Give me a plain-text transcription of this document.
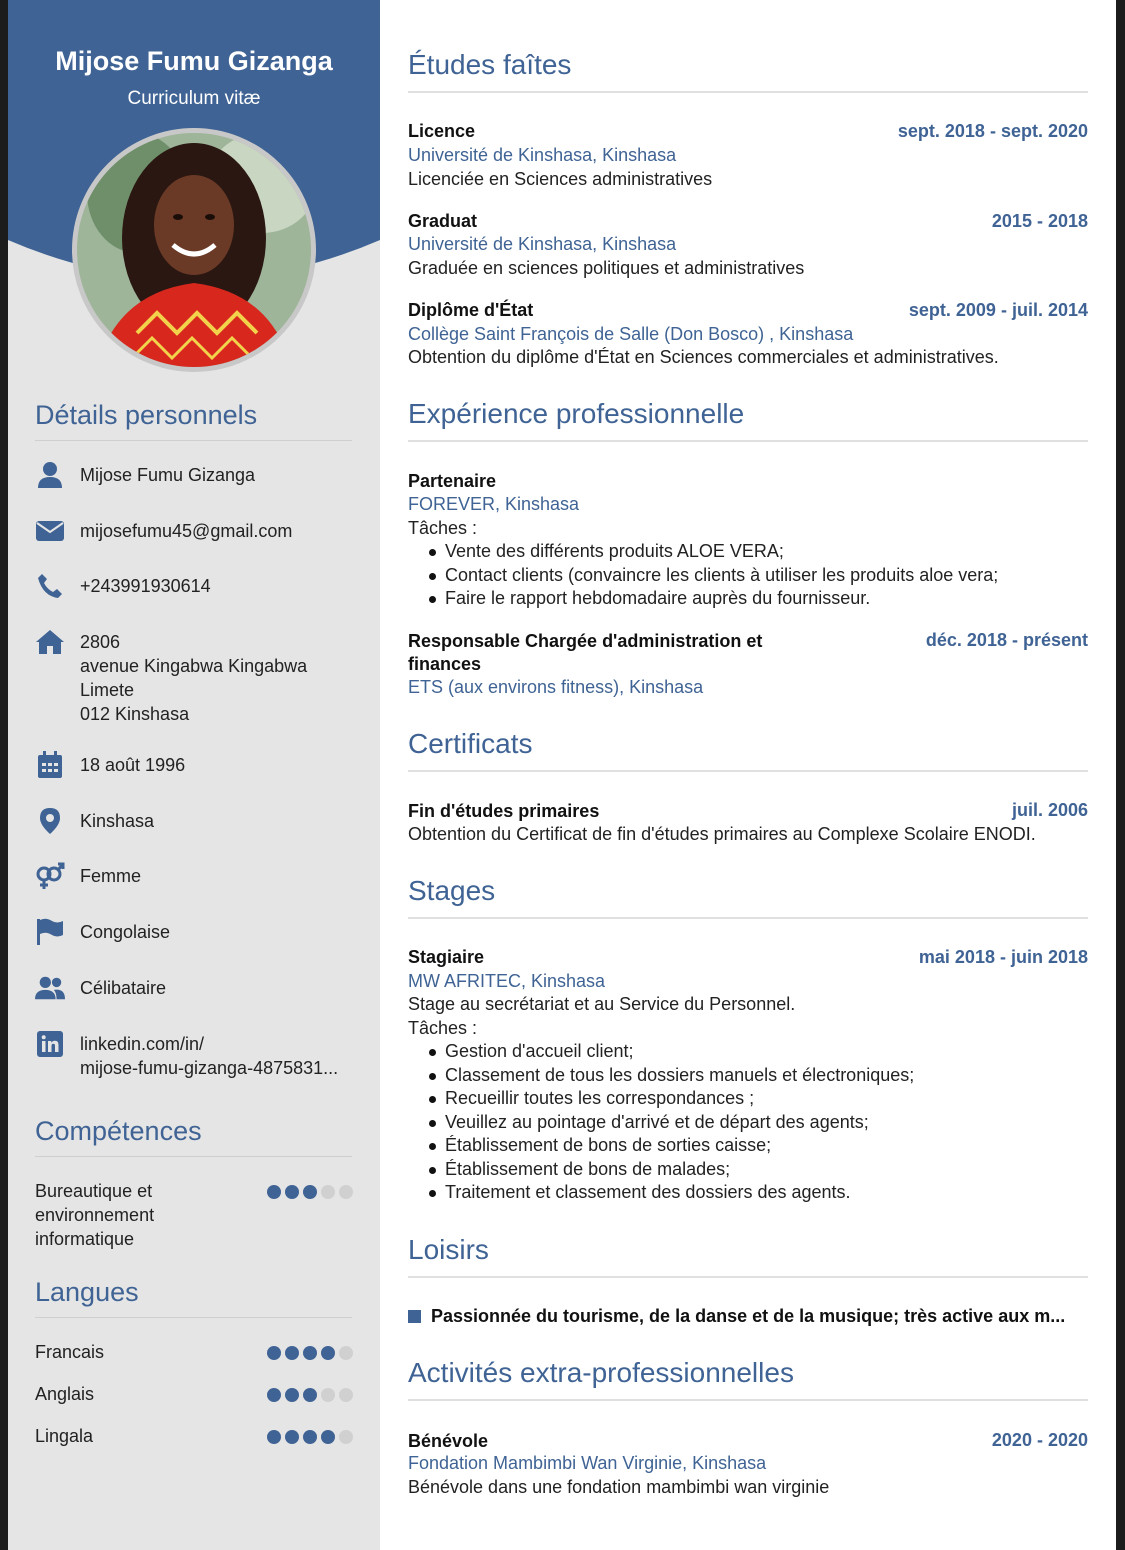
Mijose Fumu Gizanga
Curriculum vitæ
Détails personnels
Mijose Fumu Gizanga
mijosefumu45@gmail.com
+243991930614
2806
avenue Kingabwa Kingabwa
Limete
012 Kinshasa
18 août 1996
Kinshasa
Femme
Congolaise
Célibataire
linkedin.com/in/
mijose-fumu-gizanga-4875831...
Compétences
Bureautique et environnement informatique
Langues
Francais
Anglais
Lingala
Études faîtes
Licence	sept. 2018 - sept. 2020
Université de Kinshasa, Kinshasa
Licenciée en Sciences administratives
Graduat	2015 - 2018
Université de Kinshasa, Kinshasa
Graduée en sciences politiques et administratives
Diplôme d'État	sept. 2009 - juil. 2014
Collège Saint François de Salle (Don Bosco) , Kinshasa
Obtention du diplôme d'État en Sciences commerciales et administratives.
Expérience professionnelle
Partenaire
FOREVER, Kinshasa
Tâches :
Vente des différents produits ALOE VERA;
Contact clients (convaincre les clients à utiliser les produits aloe vera;
Faire le rapport hebdomadaire auprès du fournisseur.
Responsable Chargée d'administration et
finances
déc. 2018 - présent
ETS (aux environs fitness), Kinshasa
Certificats
Fin d'études primaires	juil. 2006
Obtention du Certificat de fin d'études primaires au Complexe Scolaire ENODI.
Stages
Stagiaire	mai 2018 - juin 2018
MW AFRITEC, Kinshasa
Stage au secrétariat et au Service du Personnel.
Tâches :
Gestion d'accueil client;
Classement de tous les dossiers manuels et électroniques;
Recueillir toutes les correspondances ;
Veuillez au pointage d'arrivé et de départ des agents;
Établissement de bons de sorties caisse;
Établissement de bons de malades;
Traitement et classement des dossiers des agents.
Loisirs
Passionnée du tourisme, de la danse et de la musique; très active aux m...
Activités extra-professionnelles
Bénévole	2020 - 2020
Fondation Mambimbi Wan Virginie, Kinshasa
Bénévole dans une fondation mambimbi wan virginie
